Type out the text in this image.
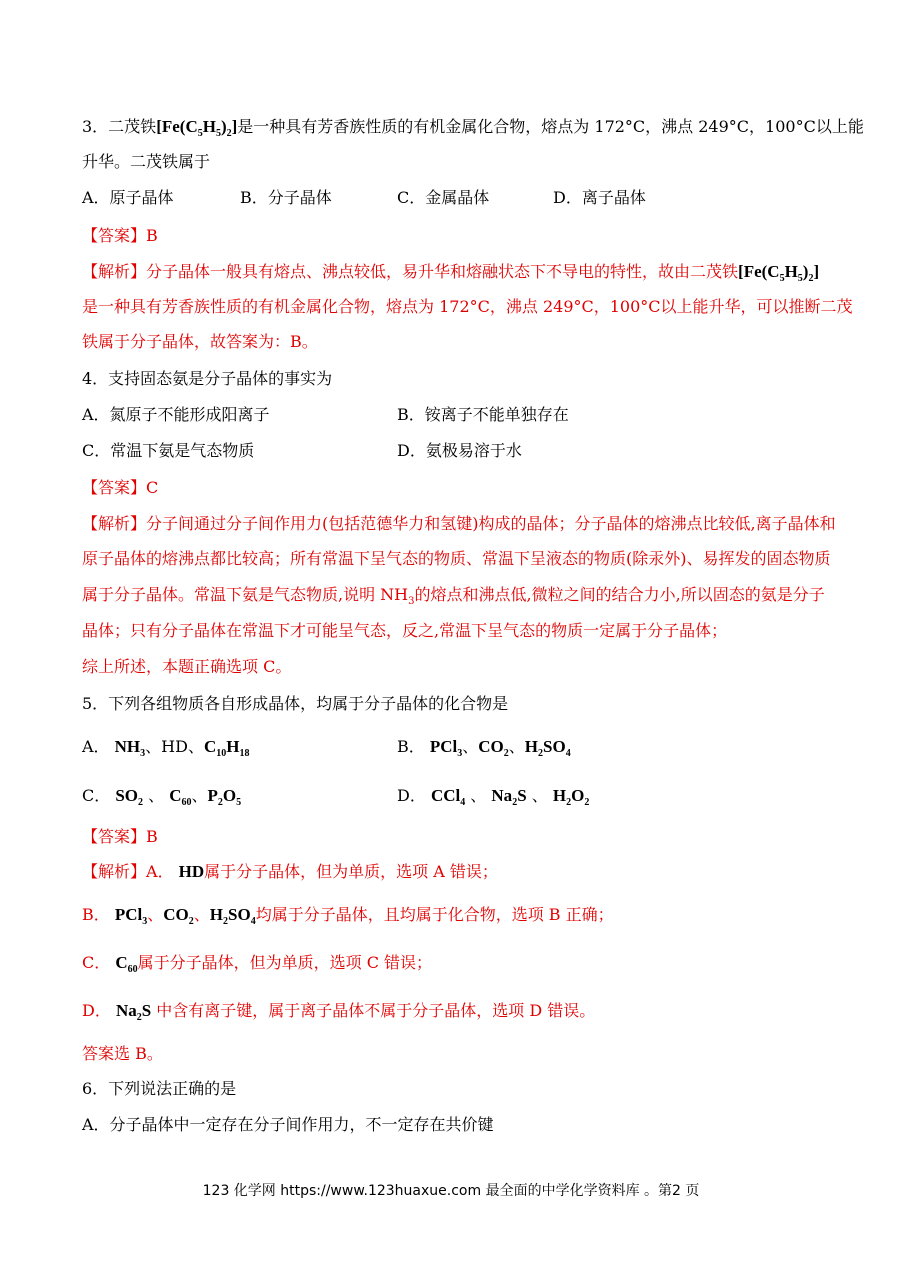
3．二茂铁$[Fe(C_5H_5)_2]$是一种具有芳香族性质的有机金属化合物，熔点为 172°C，沸点 249°C，100°C以上能
升华。二茂铁属于
A．原子晶体	B．分子晶体	C．金属晶体	D．离子晶体
【答案】B
【解析】分子晶体一般具有熔点、沸点较低，易升华和熔融状态下不导电的特性，故由二茂铁$[Fe(C_5H_5)_2]$
是一种具有芳香族性质的有机金属化合物，熔点为 172°C，沸点 249°C，100°C以上能升华，可以推断二茂
铁属于分子晶体，故答案为：B。
4．支持固态氨是分子晶体的事实为
A．氮原子不能形成阳离子	B．铵离子不能单独存在
C．常温下氨是气态物质	D．氨极易溶于水
【答案】C
【解析】分子间通过分子间作用力(包括范德华力和氢键)构成的晶体；分子晶体的熔沸点比较低,离子晶体和
原子晶体的熔沸点都比较高；所有常温下呈气态的物质、常温下呈液态的物质(除汞外)、易挥发的固态物质
属于分子晶体。常温下氨是气态物质,说明 $NH_3$的熔点和沸点低,微粒之间的结合力小,所以固态的氨是分子
晶体；只有分子晶体在常温下才可能呈气态，反之,常温下呈气态的物质一定属于分子晶体；
综上所述，本题正确选项 C。
5．下列各组物质各自形成晶体，均属于分子晶体的化合物是
A． $NH_3$、HD、$C_{10}H_{18}$	B． PCl$_3$、$CO_2$、$H_2SO_4$
C． $SO_2$ 、 $C_{60}$、$P_2O_5$	D． CCl$_4$ 、 $Na_2S$ 、 $H_2O_2$
【答案】B
【解析】A． HD属于分子晶体，但为单质，选项 A 错误；
B． PCl$_3$、$CO_2$、$H_2SO_4$均属于分子晶体，且均属于化合物，选项 B 正确；
C． $C_{60}$属于分子晶体，但为单质，选项 C 错误；
D． $Na_2S$ 中含有离子键，属于离子晶体不属于分子晶体，选项 D 错误。
答案选 B。
6．下列说法正确的是
A．分子晶体中一定存在分子间作用力，不一定存在共价键
123 化学网 https://www.123huaxue.com 最全面的中学化学资料库 。第2 页
